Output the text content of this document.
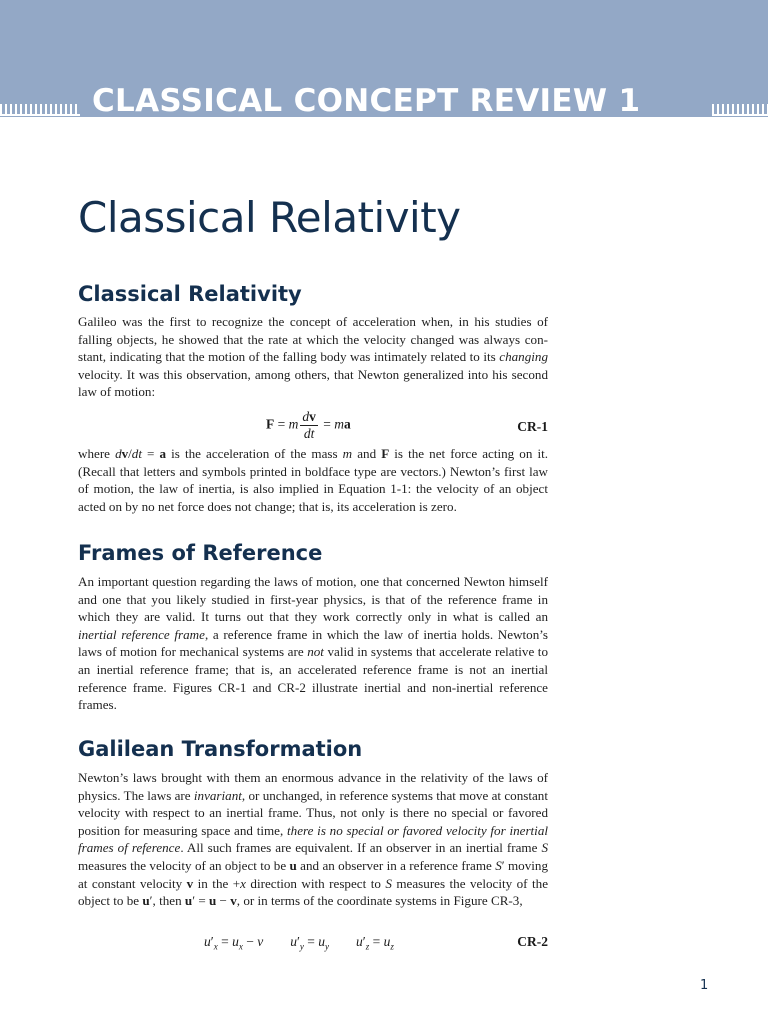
CLASSICAL CONCEPT REVIEW 1
Classical Relativity
Classical Relativity

Galileo was the first to recognize the concept of acceleration when, in his studies of falling objects, he showed that the rate at which the velocity changed was always constant, indicating that the motion of the falling body was intimately related to its changing velocity. It was this observation, among others, that Newton generalized into his second law of motion:

F = m $\frac{dv}{dt}$ = ma	CR-1

where dv/dt = a is the acceleration of the mass m and F is the net force acting on it. (Recall that letters and symbols printed in boldface type are vectors.) Newton’s first law of motion, the law of inertia, is also implied in Equation 1-1: the velocity of an object acted on by no net force does not change; that is, its acceleration is zero.

Frames of Reference

An important question regarding the laws of motion, one that concerned Newton himself and one that you likely studied in first-year physics, is that of the reference frame in which they are valid. It turns out that they work correctly only in what is called an inertial reference frame, a reference frame in which the law of inertia holds. Newton’s laws of motion for mechanical systems are not valid in systems that accelerate relative to an inertial reference frame; that is, an accelerated reference frame is not an inertial reference frame. Figures CR-1 and CR-2 illustrate inertial and non-inertial reference frames.

Galilean Transformation

Newton’s laws brought with them an enormous advance in the relativity of the laws of physics. The laws are invariant, or unchanged, in reference systems that move at constant velocity with respect to an inertial frame. Thus, not only is there no special or favored position for measuring space and time, there is no special or favored velocity for inertial frames of reference. All such frames are equivalent. If an observer in an inertial frame S measures the velocity of an object to be u and an observer in a reference frame S′ moving at constant velocity v in the +x direction with respect to S measures the velocity of the object to be u′, then u′ = u − v, or in terms of the coordinate systems in Figure CR-3,

$u'_x = u_x - v$ $u'_y = u_y$ $u'_z = u_z$	CR-2
1
